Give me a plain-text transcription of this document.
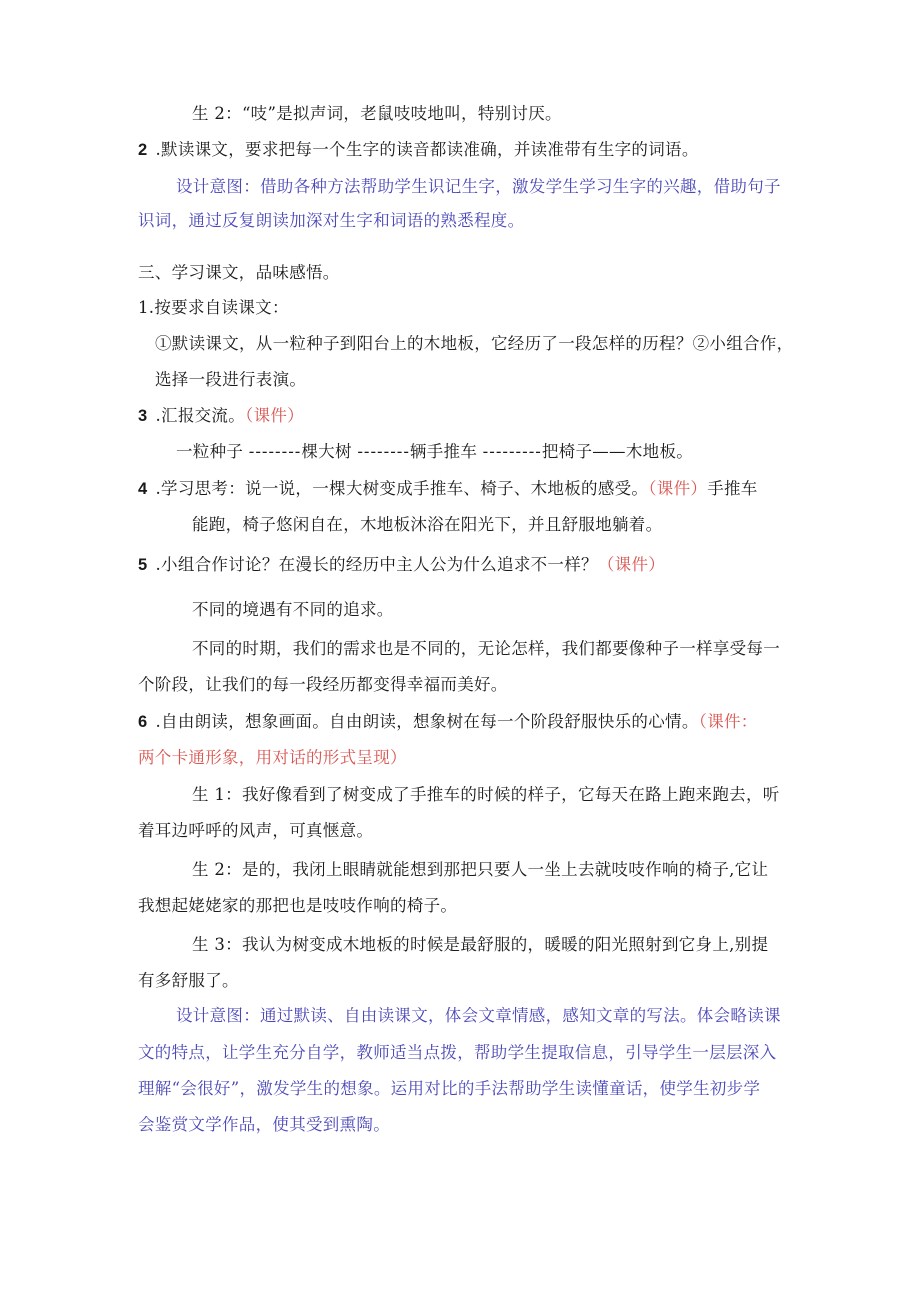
生 2：“吱”是拟声词，老鼠吱吱地叫，特别讨厌。
2 .默读课文，要求把每一个生字的读音都读准确，并读准带有生字的词语。
设计意图：借助各种方法帮助学生识记生字，激发学生学习生字的兴趣，借助句子
识词，通过反复朗读加深对生字和词语的熟悉程度。
三、学习课文，品味感悟。
1.按要求自读课文：
①默读课文，从一粒种子到阳台上的木地板，它经历了一段怎样的历程？②小组合作，
选择一段进行表演。
3 .汇报交流。（课件）
一粒种子 --------棵大树 --------辆手推车 ---------把椅子——木地板。
4 .学习思考：说一说，一棵大树变成手推车、椅子、木地板的感受。（课件）手推车
能跑，椅子悠闲自在，木地板沐浴在阳光下，并且舒服地躺着。
5 .小组合作讨论？在漫长的经历中主人公为什么追求不一样？（课件）
不同的境遇有不同的追求。
不同的时期，我们的需求也是不同的，无论怎样，我们都要像种子一样享受每一
个阶段，让我们的每一段经历都变得幸福而美好。
6 .自由朗读，想象画面。自由朗读，想象树在每一个阶段舒服快乐的心情。（课件：
两个卡通形象，用对话的形式呈现）
生 1：我好像看到了树变成了手推车的时候的样子，它每天在路上跑来跑去，听
着耳边呼呼的风声，可真惬意。
生 2：是的，我闭上眼睛就能想到那把只要人一坐上去就吱吱作响的椅子,它让
我想起姥姥家的那把也是吱吱作响的椅子。
生 3：我认为树变成木地板的时候是最舒服的，暖暖的阳光照射到它身上,别提
有多舒服了。
设计意图：通过默读、自由读课文，体会文章情感，感知文章的写法。体会略读课
文的特点，让学生充分自学，教师适当点拨，帮助学生提取信息，引导学生一层层深入
理解“会很好”，激发学生的想象。运用对比的手法帮助学生读懂童话，使学生初步学
会鉴赏文学作品，使其受到熏陶。
